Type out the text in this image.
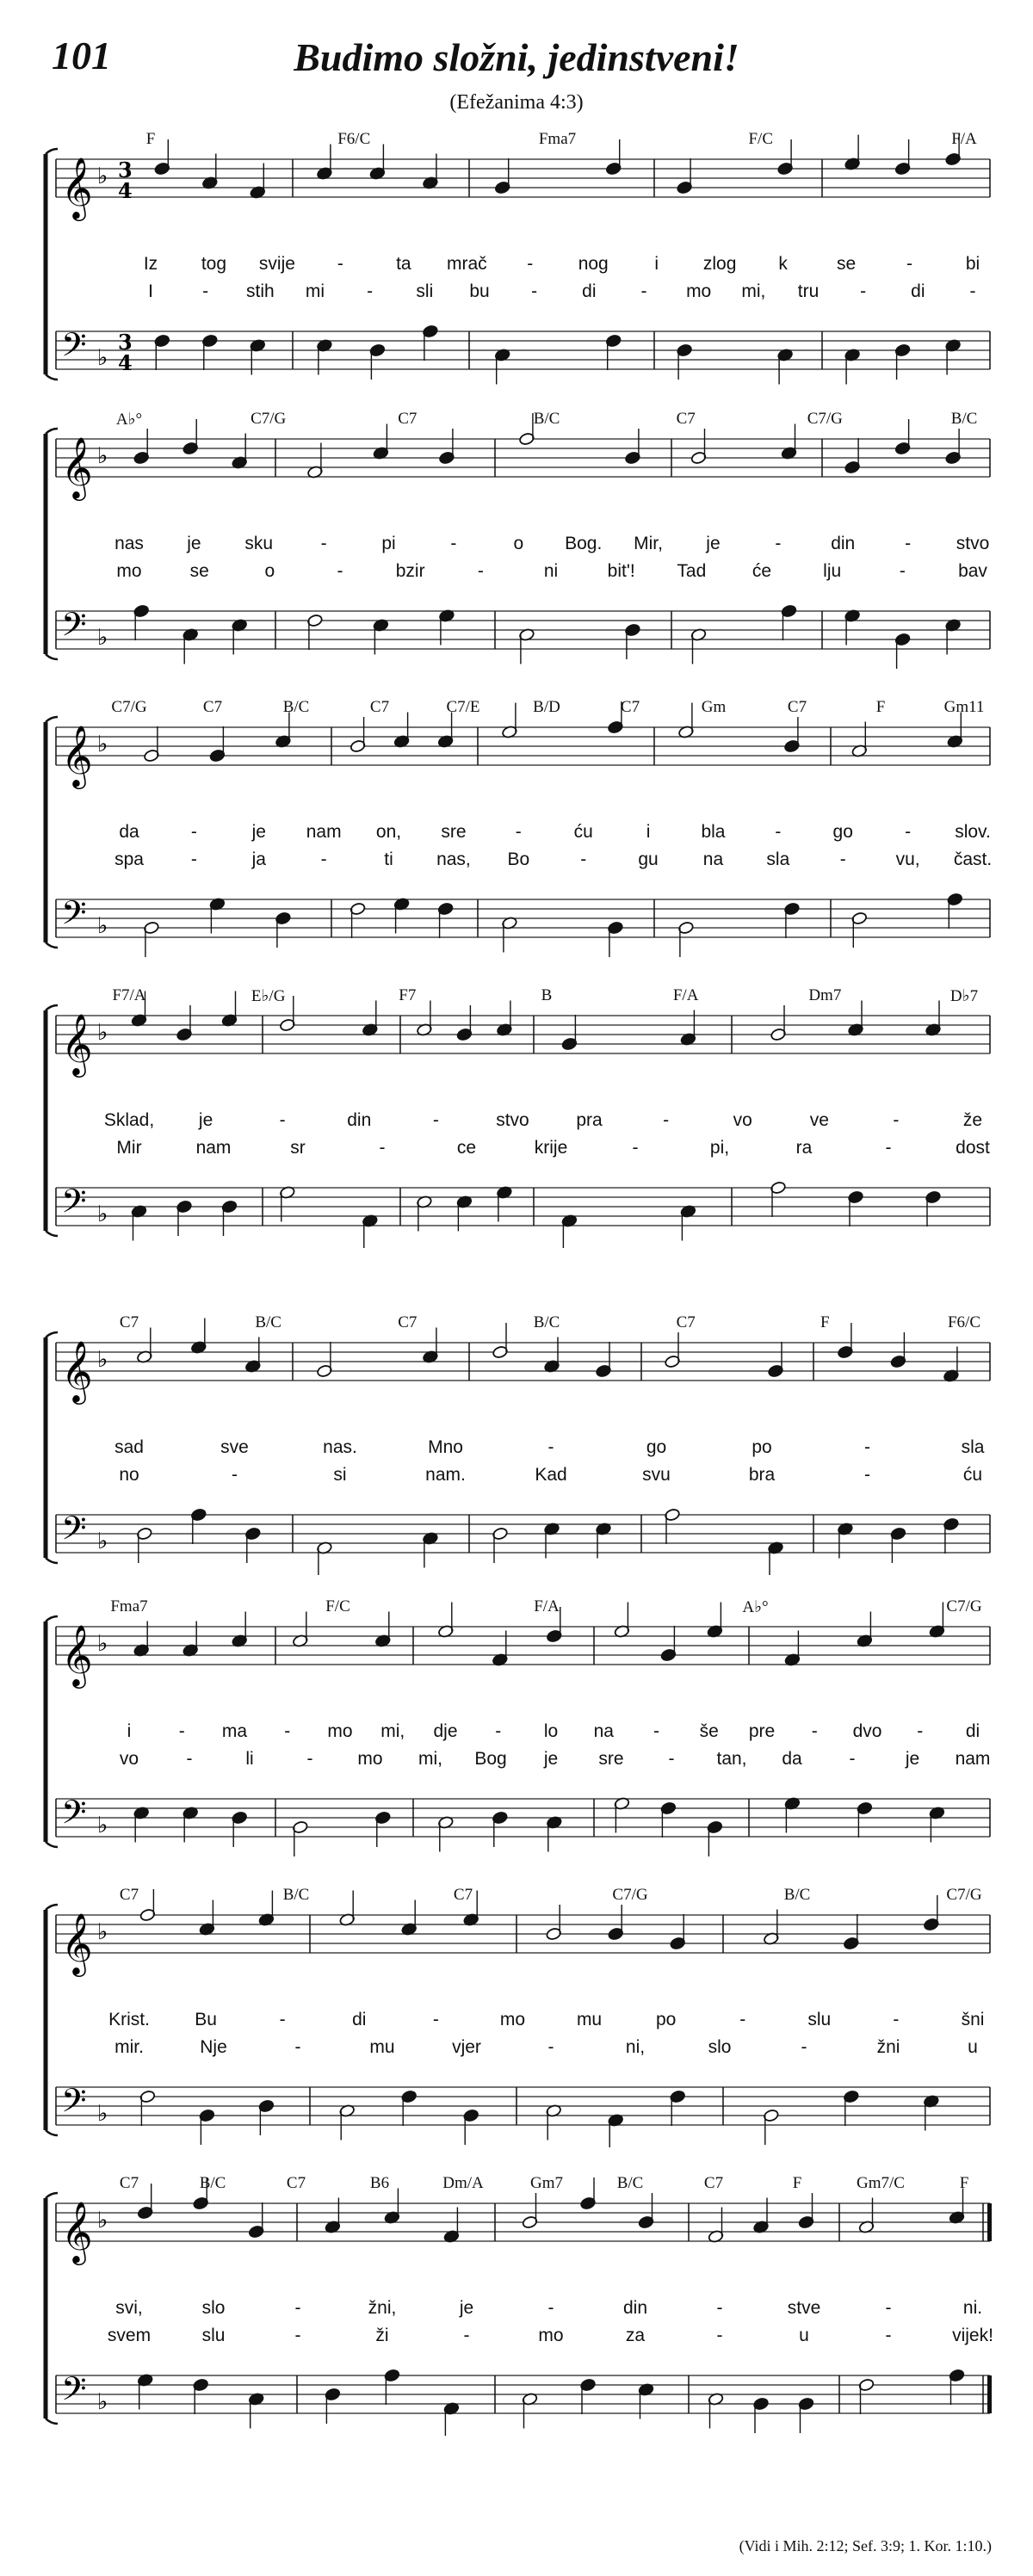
101	Budimo složni, jedinstveni!
(Efežanima 4:3)
𝄞
𝄢
♭
♭
3
4
3
4
F	F6/C	Fma7	F/C	F/A
Iz tog svije -	ta mrač - nog	i zlog k	se	-	bi
I	- stih mi - sli bu - di - mo mi, tru - di -
𝄞
𝄢
♭
♭
A♭°	C7/G	C7	B/C	C7	C7/G	B/C
nas je sku	-	pi	-	o Bog. Mir, je	-	din	-	stvo
mo	se	o	-	bzir	-	ni	bit'! Tad	će	lju	-	bav
𝄞
𝄢
♭
♭
C7/G	C7	B/C	C7	C7/E	B/D	C7	Gm	C7	F	Gm11
da	-	je nam on, sre	-	ću	i	bla	-	go	- slov.
spa	-	ja	-	ti nas, Bo	-	gu na sla	-	vu, čast.
𝄞
𝄢
♭
♭
F7/A	E♭/G	F7	B	F/A	Dm7	D♭7
Sklad, je	-	din	-	stvo	pra	-	vo	ve	-	že
Mir	nam	sr	-	ce	krije	-	pi,	ra	-	dost
𝄞
𝄢
♭
♭
C7	B/C	C7	B/C	C7	F	F6/C
sad	sve	nas.	Mno	-	go	po	-	sla
no	-	si	nam.	Kad	svu	bra	-	ću
𝄞
𝄢
♭
♭
Fma7	F/C	F/A	A♭°	C7/G
i	- ma - mo mi, dje - lo na - še pre - dvo - di
vo	-	li	- mo mi, Bog je sre - tan, da	-	je nam
𝄞
𝄢
♭
♭
C7	B/C	C7	C7/G	B/C	C7/G
Krist. Bu	-	di	-	mo	mu	po	-	slu	-	šni
mir.	Nje	-	mu	vjer	-	ni,	slo	-	žni	u
𝄞
𝄢
♭
♭
C7	B/C	C7	B6	Dm/A	Gm7	B/C	C7	F	Gm7/C	F
svi,	slo	-	žni,	je	-	din	-	stve	-	ni.
svem	slu	-	ži	-	mo	za	-	u	-	vijek!
(Vidi i Mih. 2:12; Sef. 3:9; 1. Kor. 1:10.)
